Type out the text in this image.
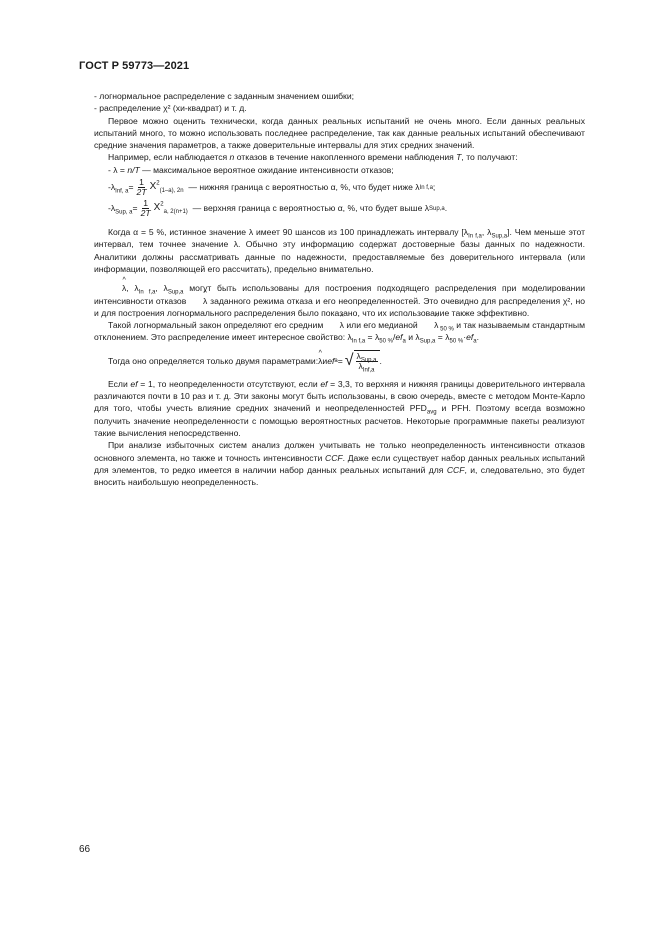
ГОСТ Р 59773—2021

- логнормальное распределение с заданным значением ошибки;

- распределение χ² (хи-квадрат) и т. д.

Первое можно оценить технически, когда данных реальных испытаний не очень много. Если данных реальных испытаний много, то можно использовать последнее распределение, так как данные реальных испытаний обеспечивают средние значения параметров, а также доверительные интервалы для этих средних значений.

Например, если наблюдается n отказов в течение накопленного времени наблюдения T, то получают:

- λ = n/T — максимальное вероятное ожидание интенсивности отказов;

- $\lambda_{Inf, a} = \frac{1}{2T} X^2_{(1-a), 2n}$
— нижняя граница с вероятностью α, %, что будет ниже λ In f,a ;
- $\lambda_{Sup, a} = \frac{1}{2T} X^2_{a, 2(n+1)}$
— верхняя граница с вероятностью α, %, что будет выше λ Sup,a .

Когда α = 5 %, истинное значение λ имеет 90 шансов из 100 принадлежать интервалу [$\lambda_{In f,a}$, $\lambda_{Sup,a}$]. Чем меньше этот интервал, тем точнее значение λ. Обычно эту информацию содержат достоверные базы данных по надежности. Аналитики должны рассматривать данные по надежности, предоставляемые без доверительного интервала (или информации, позволяющей его рассчитать), предельно внимательно.

^ λ, $\lambda_{In f,a}$, $\lambda_{Sup,a}$ могут быть использованы для построения подходящего распределения при моделировании интенсивности отказов ^ λ заданного режима отказа и его неопределенностей. Это очевидно для распределения χ², но и для построения логнормального распределения было показано, что их использование также эффективно.

Такой логнормальный закон определяют его средним ^ λ или его медианой ^ λ $_{50 \%}$ и так называемым стандартным отклонением. Это распределение имеет интересное свойство: $\lambda_{In f,a} = \lambda_{50 \%}/ef_a$ и $\lambda_{Sup,a} = \lambda_{50 \%}\cdot ef_a$.

Тогда оно определяется только двумя параметрами:
^ λ и ef a = √ $\frac{\lambda_{Sup,a}}{\lambda_{Inf,a}}$ .

Если ef = 1, то неопределенности отсутствуют, если ef = 3,3, то верхняя и нижняя границы доверительного интервала различаются почти в 10 раз и т. д. Эти законы могут быть использованы, в свою очередь, вместе с методом Монте-Карло для того, чтобы учесть влияние средних значений и неопределенностей $PFD_{avg}$ и PFH. Поэтому всегда возможно получить значение неопределенности с помощью вероятностных расчетов. Некоторые программные пакеты реализуют такие вычисления непосредственно.

При анализе избыточных систем анализ должен учитывать не только неопределенность интенсивности отказов основного элемента, но также и точность интенсивности CCF. Даже если существует набор данных реальных испытаний для элементов, то редко имеется в наличии набор данных реальных испытаний для CCF, и, следовательно, это будет вносить наибольшую неопределенность.

66
